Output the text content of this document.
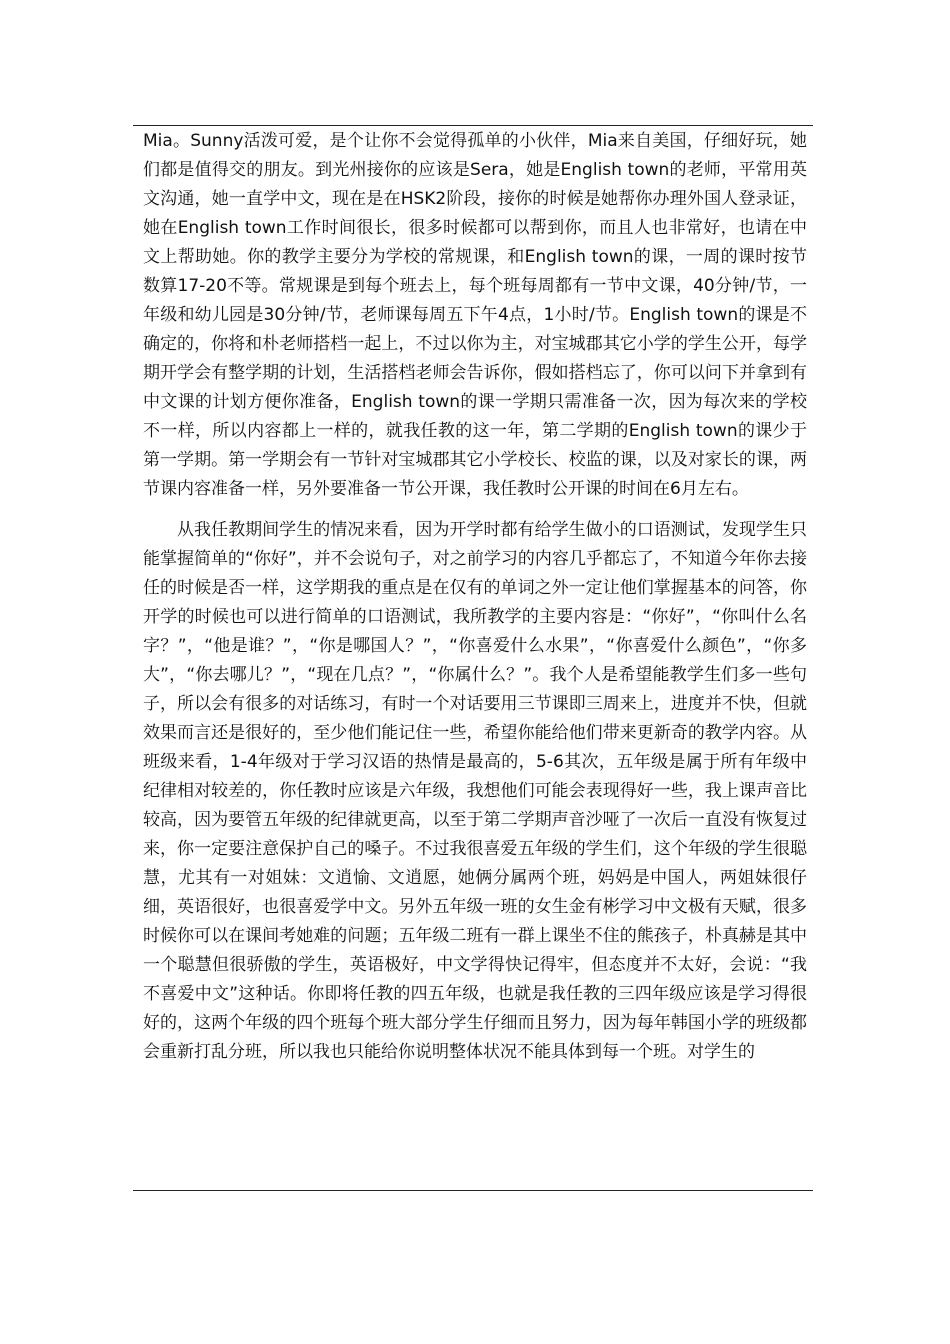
Mia。Sunny活泼可爱，是个让你不会觉得孤单的小伙伴，Mia来自美国，仔细好玩，她们都是值得交的朋友。到光州接你的应该是Sera，她是English town的老师，平常用英文沟通，她一直学中文，现在是在HSK2阶段，接你的时候是她帮你办理外国人登录证，她在English town工作时间很长，很多时候都可以帮到你，而且人也非常好，也请在中文上帮助她。你的教学主要分为学校的常规课，和English town的课，一周的课时按节数算17-20不等。常规课是到每个班去上，每个班每周都有一节中文课，40分钟/节，一年级和幼儿园是30分钟/节，老师课每周五下午4点，1小时/节。English town的课是不确定的，你将和朴老师搭档一起上，不过以你为主，对宝城郡其它小学的学生公开，每学期开学会有整学期的计划，生活搭档老师会告诉你，假如搭档忘了，你可以问下并拿到有中文课的计划方便你准备，English town的课一学期只需准备一次，因为每次来的学校不一样，所以内容都上一样的，就我任教的这一年，第二学期的English town的课少于第一学期。第一学期会有一节针对宝城郡其它小学校长、校监的课，以及对家长的课，两节课内容准备一样，另外要准备一节公开课，我任教时公开课的时间在6月左右。

从我任教期间学生的情况来看，因为开学时都有给学生做小的口语测试，发现学生只能掌握简单的“你好”，并不会说句子，对之前学习的内容几乎都忘了，不知道今年你去接任的时候是否一样，这学期我的重点是在仅有的单词之外一定让他们掌握基本的问答，你开学的时候也可以进行简单的口语测试，我所教学的主要内容是：“你好”，“你叫什么名字？”，“他是谁？”，“你是哪国人？”，“你喜爱什么水果”，“你喜爱什么颜色”，“你多大”，“你去哪儿？”，“现在几点？”，“你属什么？”。我个人是希望能教学生们多一些句子，所以会有很多的对话练习，有时一个对话要用三节课即三周来上，进度并不快，但就效果而言还是很好的，至少他们能记住一些，希望你能给他们带来更新奇的教学内容。从班级来看，1-4年级对于学习汉语的热情是最高的，5-6其次，五年级是属于所有年级中纪律相对较差的，你任教时应该是六年级，我想他们可能会表现得好一些，我上课声音比较高，因为要管五年级的纪律就更高，以至于第二学期声音沙哑了一次后一直没有恢复过来，你一定要注意保护自己的嗓子。不过我很喜爱五年级的学生们，这个年级的学生很聪慧，尤其有一对姐妹：文逍愉、文逍愿，她俩分属两个班，妈妈是中国人，两姐妹很仔细，英语很好，也很喜爱学中文。另外五年级一班的女生金有彬学习中文极有天赋，很多时候你可以在课间考她难的问题；五年级二班有一群上课坐不住的熊孩子，朴真赫是其中一个聪慧但很骄傲的学生，英语极好，中文学得快记得牢，但态度并不太好，会说：“我不喜爱中文”这种话。你即将任教的四五年级，也就是我任教的三四年级应该是学习得很好的，这两个年级的四个班每个班大部分学生仔细而且努力，因为每年韩国小学的班级都会重新打乱分班，所以我也只能给你说明整体状况不能具体到每一个班。对学生的
